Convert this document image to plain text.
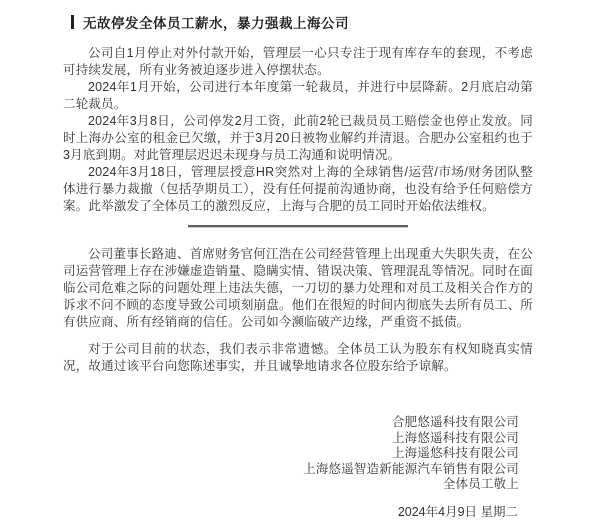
无故停发全体员工薪水，暴力强裁上海公司

公司自1月停止对外付款开始，管理层一心只专注于现有库存车的套现，不考虑可持续发展，所有业务被迫逐步进入停摆状态。

2024年1月开始，公司进行本年度第一轮裁员，并进行中层降薪。2月底启动第二轮裁员。

2024年3月8日，公司停发2月工资，此前2轮已裁员员工赔偿金也停止发放。同时上海办公室的租金已欠缴，并于3月20日被物业解约并清退。合肥办公室租约也于3月底到期。对此管理层迟迟未现身与员工沟通和说明情况。

2024年3月18日，管理层授意HR突然对上海的全球销售/运营/市场/财务团队整体进行暴力裁撤（包括孕期员工），没有任何提前沟通协商，也没有给予任何赔偿方案。此举激发了全体员工的激烈反应，上海与合肥的员工同时开始依法维权。

公司董事长路迪、首席财务官何江浩在公司经营管理上出现重大失职失责，在公司运营管理上存在涉嫌虚造销量、隐瞒实情、错误决策、管理混乱等情况。同时在面临公司危难之际的问题处理上违法失德，一刀切的暴力处理和对员工及相关合作方的诉求不问不顾的态度导致公司顷刻崩盘。他们在很短的时间内彻底失去所有员工、所有供应商、所有经销商的信任。公司如今濒临破产边缘，严重资不抵债。

对于公司目前的状态，我们表示非常遗憾。全体员工认为股东有权知晓真实情况，故通过该平台向您陈述事实，并且诚挚地请求各位股东给予谅解。

合肥悠遥科技有限公司

上海悠遥科技有限公司

上海遥悠科技有限公司

上海悠遥智造新能源汽车销售有限公司

全体员工敬上

2024年4月9日 星期二
